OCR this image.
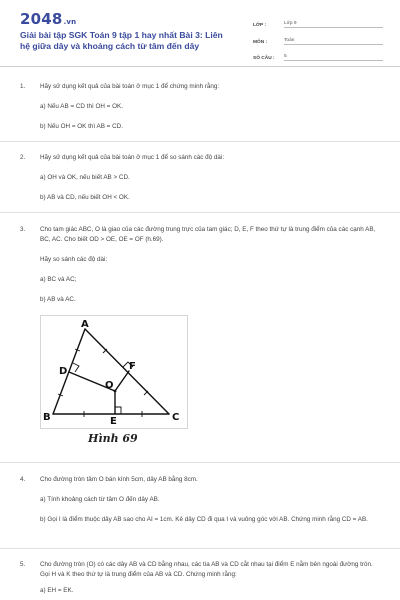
2048.vn
Giải bài tập SGK Toán 9 tập 1 hay nhất Bài 3: Liên hệ giữa dây và khoảng cách từ tâm đến dây
LỚP :	Lớp 9
MÔN :	Toán
SỐ CÂU :	5
1. Hãy sử dụng kết quả của bài toán ở mục 1 để chứng minh rằng:
a) Nếu AB = CD thì OH = OK.
b) Nếu OH = OK thì AB = CD.
2. Hãy sử dụng kết quả của bài toán ở mục 1 để so sánh các độ dài:
a) OH và OK, nếu biết AB > CD.
b) AB và CD, nếu biết OH < OK.
3. Cho tam giác ABC, O là giao của các đường trung trực của tam giác; D, E, F theo thứ tự là trung điểm của các cạnh AB, BC, AC. Cho biết OD > OE, OE = OF (h.69).
Hãy so sánh các độ dài:
a) BC và AC;
b) AB và AC.
A
B	C
D
E
F
O
Hình 69
4. Cho đường tròn tâm O bán kính 5cm, dây AB bằng 8cm.
a) Tính khoảng cách từ tâm O đến dây AB.
b) Gọi I là điểm thuộc dây AB sao cho AI = 1cm. Kẻ dây CD đi qua I và vuông góc với AB. Chứng minh rằng CD = AB.
5. Cho đường tròn (O) có các dây AB và CD bằng nhau, các tia AB và CD cắt nhau tại điểm E nằm bên ngoài đường tròn. Gọi H và K theo thứ tự là trung điểm của AB và CD. Chứng minh rằng:
a) EH = EK.
